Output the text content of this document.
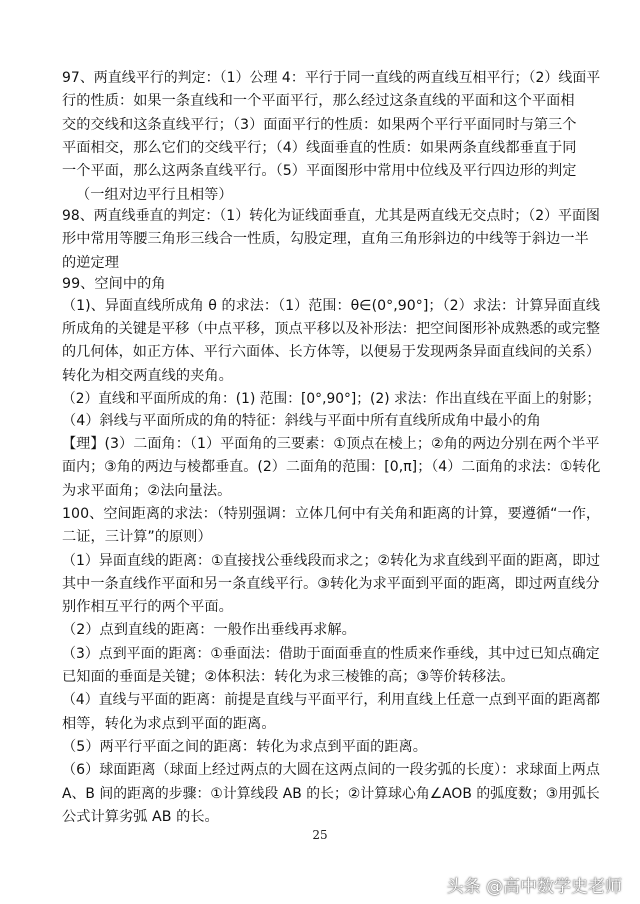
97、两直线平行的判定：（1）公理 4：平行于同一直线的两直线互相平行；（2）线面平
行的性质：如果一条直线和一个平面平行，那么经过这条直线的平面和这个平面相
交的交线和这条直线平行；（3）面面平行的性质：如果两个平行平面同时与第三个
平面相交，那么它们的交线平行；（4）线面垂直的性质：如果两条直线都垂直于同
一个平面，那么这两条直线平行。（5）平面图形中常用中位线及平行四边形的判定
（一组对边平行且相等）
98、两直线垂直的判定：（1）转化为证线面垂直，尤其是两直线无交点时；（2）平面图
形中常用等腰三角形三线合一性质，勾股定理，直角三角形斜边的中线等于斜边一半
的逆定理
99、空间中的角
（1)、异面直线所成角 θ 的求法：（1）范围：θ∈(0°,90°]；（2）求法：计算异面直线
所成角的关键是平移（中点平移，顶点平移以及补形法：把空间图形补成熟悉的或完整
的几何体，如正方体、平行六面体、长方体等，以便易于发现两条异面直线间的关系）
转化为相交两直线的夹角。
（2）直线和平面所成的角：(1) 范围：[0°,90°]；(2) 求法：作出直线在平面上的射影；
（4）斜线与平面所成的角的特征：斜线与平面中所有直线所成角中最小的角
【理】(3）二面角：（1）平面角的三要素：①顶点在棱上；②角的两边分别在两个半平
面内；③角的两边与棱都垂直。(2）二面角的范围：[0,π]；（4）二面角的求法：①转化
为求平面角；②法向量法。
100、空间距离的求法：（特别强调：立体几何中有关角和距离的计算，要遵循“一作，
二证，三计算”的原则）
（1）异面直线的距离：①直接找公垂线段而求之；②转化为求直线到平面的距离，即过
其中一条直线作平面和另一条直线平行。③转化为求平面到平面的距离，即过两直线分
别作相互平行的两个平面。
（2）点到直线的距离：一般作出垂线再求解。
（3）点到平面的距离：①垂面法：借助于面面垂直的性质来作垂线，其中过已知点确定
已知面的垂面是关键；②体积法：转化为求三棱锥的高；③等价转移法。
（4）直线与平面的距离：前提是直线与平面平行，利用直线上任意一点到平面的距离都
相等，转化为求点到平面的距离。
（5）两平行平面之间的距离：转化为求点到平面的距离。
（6）球面距离（球面上经过两点的大圆在这两点间的一段劣弧的长度）：求球面上两点
A、B 间的距离的步骤：①计算线段 AB 的长；②计算球心角∠AOB 的弧度数；③用弧长
公式计算劣弧 AB 的长。
25
头条 @高中数学史老师
